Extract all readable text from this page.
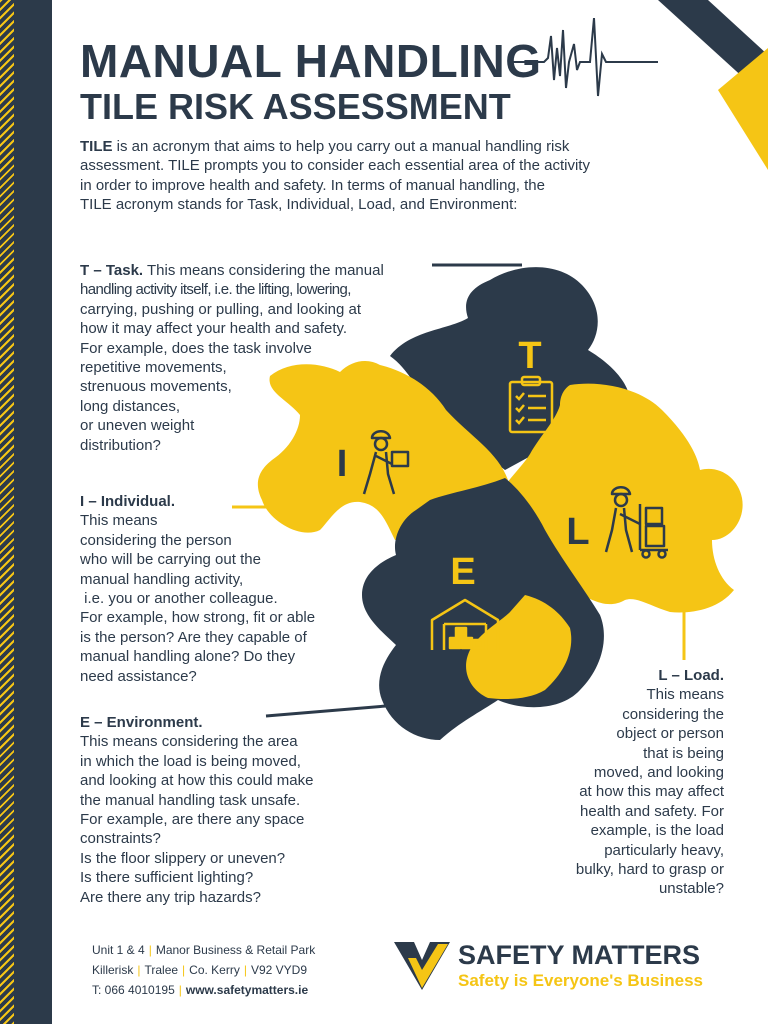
MANUAL HANDLING
TILE RISK ASSESSMENT

TILE is an acronym that aims to help you carry out a manual handling risk

assessment. TILE prompts you to consider each essential area of the activity

in order to improve health and safety. In terms of manual handling, the

TILE acronym stands for Task, Individual, Load, and Environment:

T
I
L
E

T – Task. This means considering the manual

handling activity itself, i.e. the lifting, lowering,

carrying, pushing or pulling, and looking at

how it may affect your health and safety.

For example, does the task involve

repetitive movements,

strenuous movements,

long distances,

or uneven weight

distribution?

I – Individual.

This means

considering the person

who will be carrying out the

manual handling activity,

i.e. you or another colleague.

For example, how strong, fit or able

is the person? Are they capable of

manual handling alone? Do they

need assistance?

E – Environment.

This means considering the area

in which the load is being moved,

and looking at how this could make

the manual handling task unsafe.

For example, are there any space

constraints?

Is the floor slippery or uneven?

Is there sufficient lighting?

Are there any trip hazards?

L – Load.

This means

considering the

object or person

that is being

moved, and looking

at how this may affect

health and safety. For

example, is the load

particularly heavy,

bulky, hard to grasp or

unstable?

Unit 1 & 4 | Manor Business & Retail Park
Killerisk | Tralee | Co. Kerry | V92 VYD9
T: 066 4010195 | www.safetymatters.ie
SAFETY MATTERS
Safety is Everyone's Business
